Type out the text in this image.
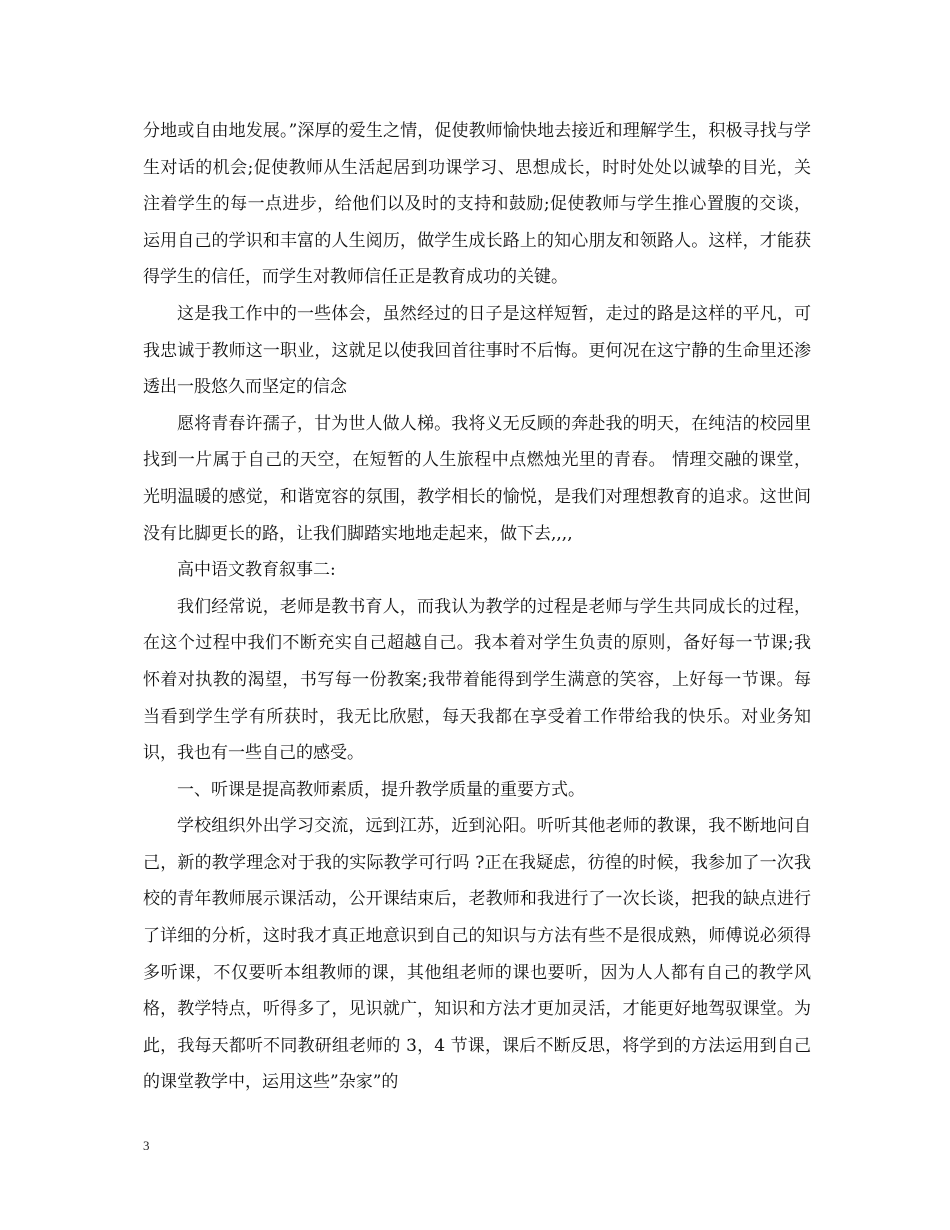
分地或自由地发展。”深厚的爱生之情，促使教师愉快地去接近和理解学生，积极寻找与学生对话的机会;促使教师从生活起居到功课学习、思想成长，时时处处以诚挚的目光，关注着学生的每一点进步，给他们以及时的支持和鼓励;促使教师与学生推心置腹的交谈，运用自己的学识和丰富的人生阅历，做学生成长路上的知心朋友和领路人。这样，才能获得学生的信任，而学生对教师信任正是教育成功的关键。

这是我工作中的一些体会，虽然经过的日子是这样短暂，走过的路是这样的平凡，可我忠诚于教师这一职业，这就足以使我回首往事时不后悔。更何况在这宁静的生命里还渗透出一股悠久而坚定的信念

愿将青春许孺子，甘为世人做人梯。我将义无反顾的奔赴我的明天，在纯洁的校园里找到一片属于自己的天空，在短暂的人生旅程中点燃烛光里的青春。 情理交融的课堂，光明温暖的感觉，和谐宽容的氛围，教学相长的愉悦，是我们对理想教育的追求。这世间没有比脚更长的路，让我们脚踏实地地走起来，做下去,,,,

高中语文教育叙事二:

我们经常说，老师是教书育人，而我认为教学的过程是老师与学生共同成长的过程，在这个过程中我们不断充实自己超越自己。我本着对学生负责的原则，备好每一节课;我怀着对执教的渴望，书写每一份教案;我带着能得到学生满意的笑容，上好每一节课。每当看到学生学有所获时，我无比欣慰，每天我都在享受着工作带给我的快乐。对业务知识，我也有一些自己的感受。

一、听课是提高教师素质，提升教学质量的重要方式。

学校组织外出学习交流，远到江苏，近到沁阳。听听其他老师的教课，我不断地问自己，新的教学理念对于我的实际教学可行吗 ?正在我疑虑，彷徨的时候，我参加了一次我校的青年教师展示课活动，公开课结束后，老教师和我进行了一次长谈，把我的缺点进行了详细的分析，这时我才真正地意识到自己的知识与方法有些不是很成熟，师傅说必须得多听课，不仅要听本组教师的课，其他组老师的课也要听，因为人人都有自己的教学风格，教学特点，听得多了，见识就广，知识和方法才更加灵活，才能更好地驾驭课堂。为此，我每天都听不同教研组老师的 3，4 节课，课后不断反思，将学到的方法运用到自己的课堂教学中，运用这些”杂家”的

3
